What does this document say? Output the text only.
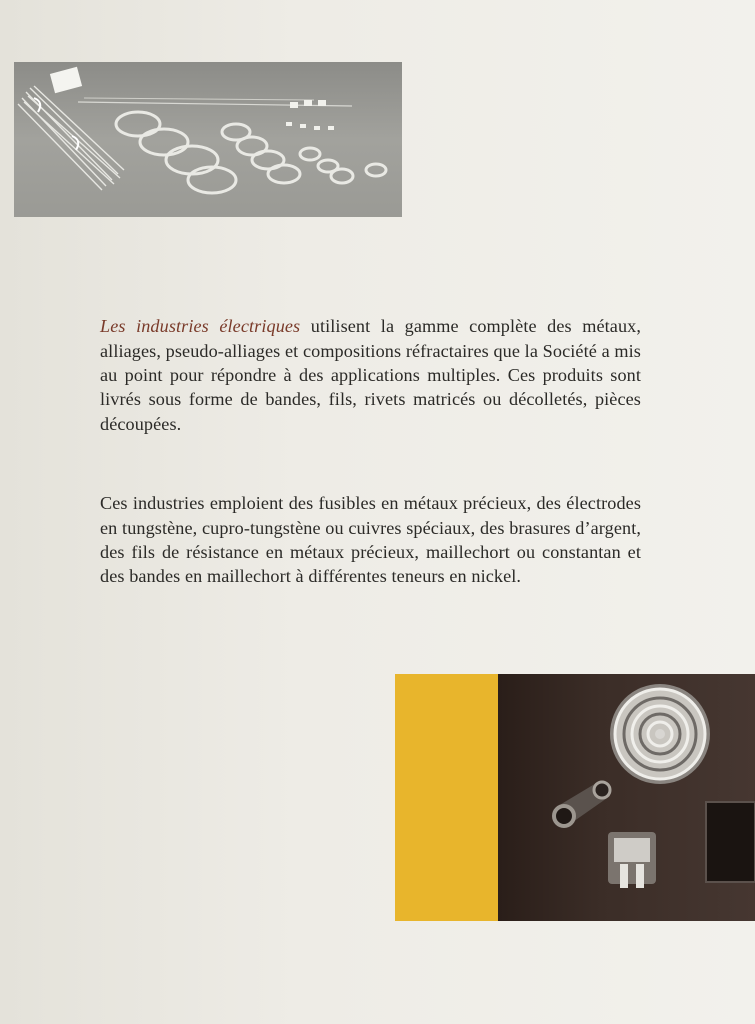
Les industries électriques utilisent la gamme complète des métaux, alliages, pseudo-alliages et compositions réfractaires que la Société a mis au point pour répondre à des applications multiples. Ces produits sont livrés sous forme de bandes, fils, rivets matricés ou décolletés, pièces découpées.

Ces industries emploient des fusibles en métaux précieux, des électrodes en tungstène, cupro-tungstène ou cuivres spéciaux, des brasures d’argent, des fils de résistance en métaux précieux, maillechort ou constantan et des bandes en maillechort à différentes teneurs en nickel.
